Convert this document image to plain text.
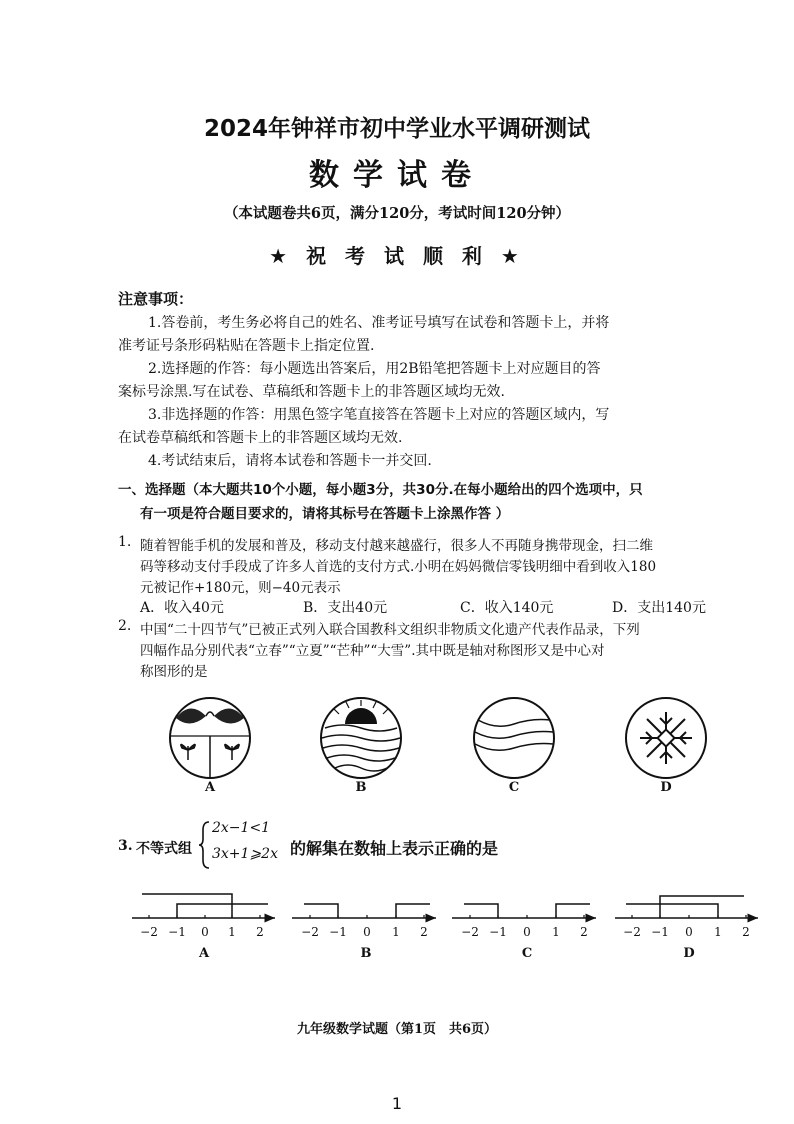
2024年钟祥市初中学业水平调研测试
数学试卷
（本试题卷共6页，满分120分，考试时间120分钟）
★ 祝 考 试 顺 利 ★
注意事项：
1.答卷前，考生务必将自己的姓名、准考证号填写在试卷和答题卡上，并将
准考证号条形码粘贴在答题卡上指定位置.
2.选择题的作答：每小题选出答案后，用2B铅笔把答题卡上对应题目的答
案标号涂黑.写在试卷、草稿纸和答题卡上的非答题区域均无效.
3.非选择题的作答：用黑色签字笔直接答在答题卡上对应的答题区域内，写
在试卷草稿纸和答题卡上的非答题区域均无效.
4.考试结束后，请将本试卷和答题卡一并交回.
一、选择题（本大题共10个小题，每小题3分，共30分.在每小题给出的四个选项中，只
有一项是符合题目要求的，请将其标号在答题卡上涂黑作答 ）
1. 随着智能手机的发展和普及，移动支付越来越盛行，很多人不再随身携带现金，扫二维
码等移动支付手段成了许多人首选的支付方式.小明在妈妈微信零钱明细中看到收入180
元被记作+180元，则−40元表示
A．收入40元	B．支出40元	C．收入140元	D．支出140元
2. 中国“二十四节气”已被正式列入联合国教科文组织非物质文化遗产代表作品录，下列
四幅作品分别代表“立春”“立夏”“芒种”“大雪”.其中既是轴对称图形又是中心对
称图形的是
A	B	C	D
3. 不等式组
2x−1<1
3x+1⩾2x 的解集在数轴上表示正确的是
−2 −1 0 1 2	−2 −1 0 1 2	−2 −1 0 1 2	−2 −1 0 1 2
A	B	C	D
九年级数学试题（第1页　共6页）
1
